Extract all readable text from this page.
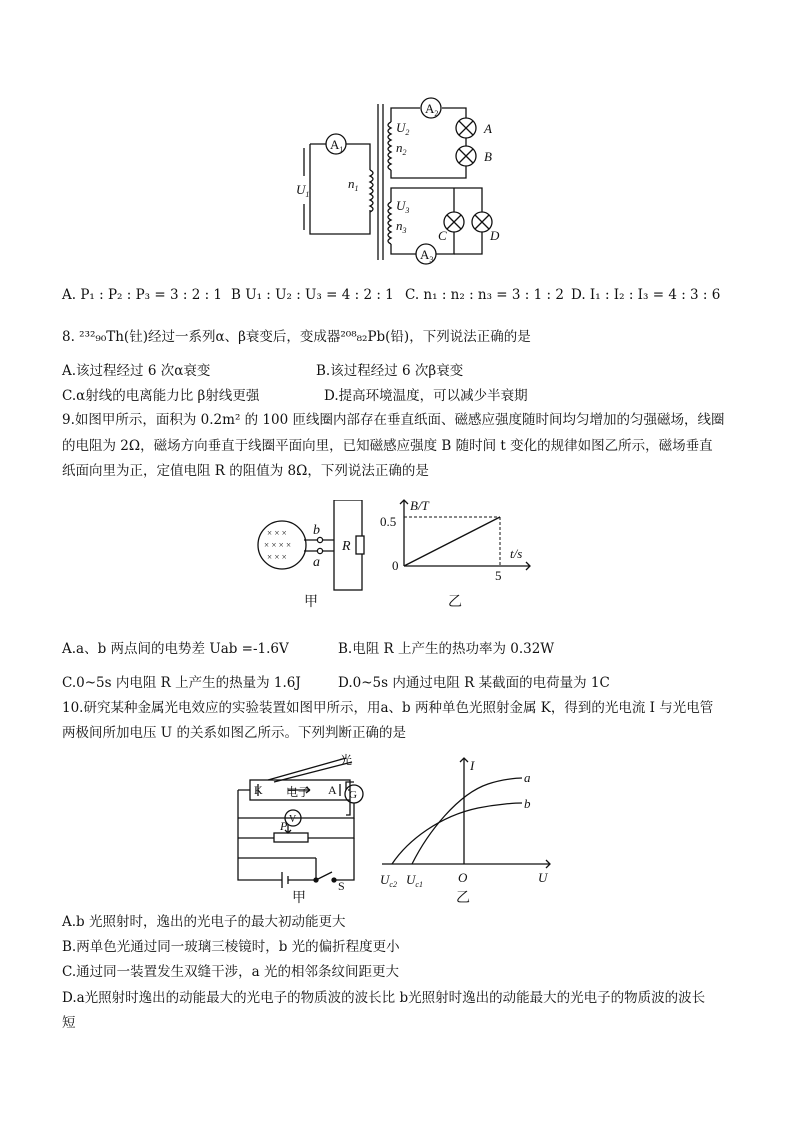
$A_1$
$A_2$
$A_3$
$U_1$
$n_1$
$U_2$
$n_2$
$U_3$
$n_3$
A
B
C	D
A. P₁ : P₂ : P₃ = 3 : 2 : 1 B U₁ : U₂ : U₃ = 4 : 2 : 1 C. n₁ : n₂ : n₃ = 3 : 1 : 2 D. I₁ : I₂ : I₃ = 4 : 3 : 6
8. ²³²₉₀Th(钍)经过一系列α、β衰变后，变成器²⁰⁸₈₂Pb(铅)，下列说法正确的是
A.该过程经过 6 次α衰变	B.该过程经过 6 次β衰变
C.α射线的电离能力比 β射线更强	D.提高环境温度，可以减少半衰期
9.如图甲所示，面积为 0.2m² 的 100 匝线圈内部存在垂直纸面、磁感应强度随时间均匀增加的匀强磁场，线圈
的电阻为 2Ω，磁场方向垂直于线圈平面向里，已知磁感应强度 B 随时间 t 变化的规律如图乙所示，磁场垂直
纸面向里为正，定值电阻 R 的阻值为 8Ω，下列说法正确的是
× × ×
× × × ×
× × ×
b
a
R
甲
B/T
t/s
0.5
5
0
乙
A.a、b 两点间的电势差 Uab =-1.6V	B.电阻 R 上产生的热功率为 0.32W
C.0~5s 内电阻 R 上产生的热量为 1.6J	D.0~5s 内通过电阻 R 某截面的电荷量为 1C
10.研究某种金属光电效应的实验装置如图甲所示，用a、b 两种单色光照射金属 K，得到的光电流 I 与光电管
两极间所加电压 U 的关系如图乙所示。下列判断正确的是
光
K 电子 A G
V
P
S
甲
I
U
O
a
b
$U_{c2}$ $U_{c1}$
乙
A.b 光照射时，逸出的光电子的最大初动能更大
B.两单色光通过同一玻璃三棱镜时，b 光的偏折程度更小
C.通过同一装置发生双缝干涉，a 光的相邻条纹间距更大
D.a光照射时逸出的动能最大的光电子的物质波的波长比 b光照射时逸出的动能最大的光电子的物质波的波长
短
